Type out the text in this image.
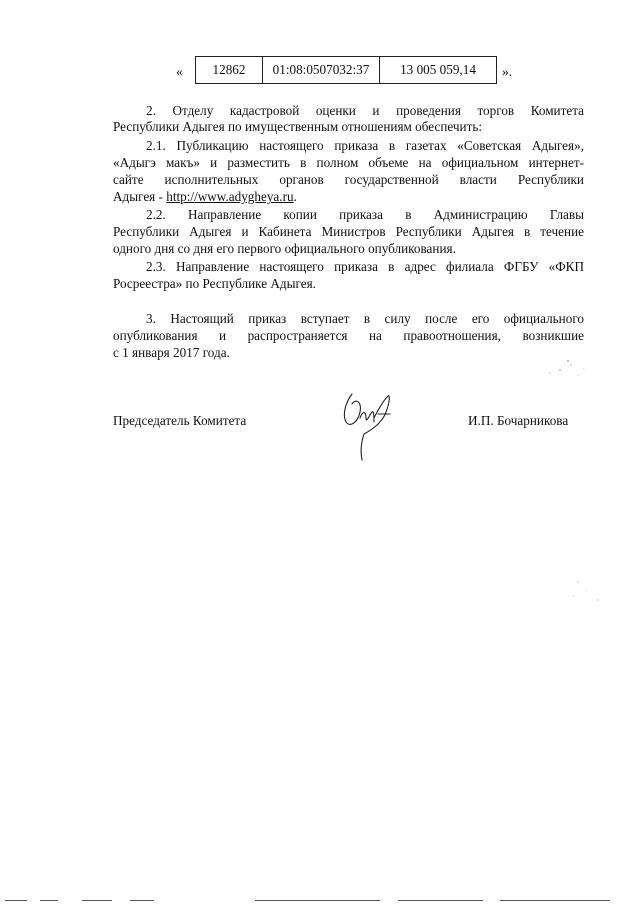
« 12862	01:08:0507032:37	13 005 059,14 ».
2. Отделу кадастровой оценки и проведения торгов Комитета
Республики Адыгея по имущественным отношениям обеспечить:
2.1. Публикацию настоящего приказа в газетах «Советская Адыгея»,
«Адыгэ макъ» и разместить в полном объеме на официальном интернет-
сайте исполнительных органов государственной власти Республики
Адыгея - http://www.adygheya.ru.
2.2. Направление копии приказа в Администрацию Главы
Республики Адыгея и Кабинета Министров Республики Адыгея в течение
одного дня со дня его первого официального опубликования.
2.3. Направление настоящего приказа в адрес филиала ФГБУ «ФКП
Росреестра» по Республике Адыгея.
3. Настоящий приказ вступает в силу после его официального
опубликования и распространяется на правоотношения, возникшие
с 1 января 2017 года.
Председатель Комитета	И.П. Бочарникова
